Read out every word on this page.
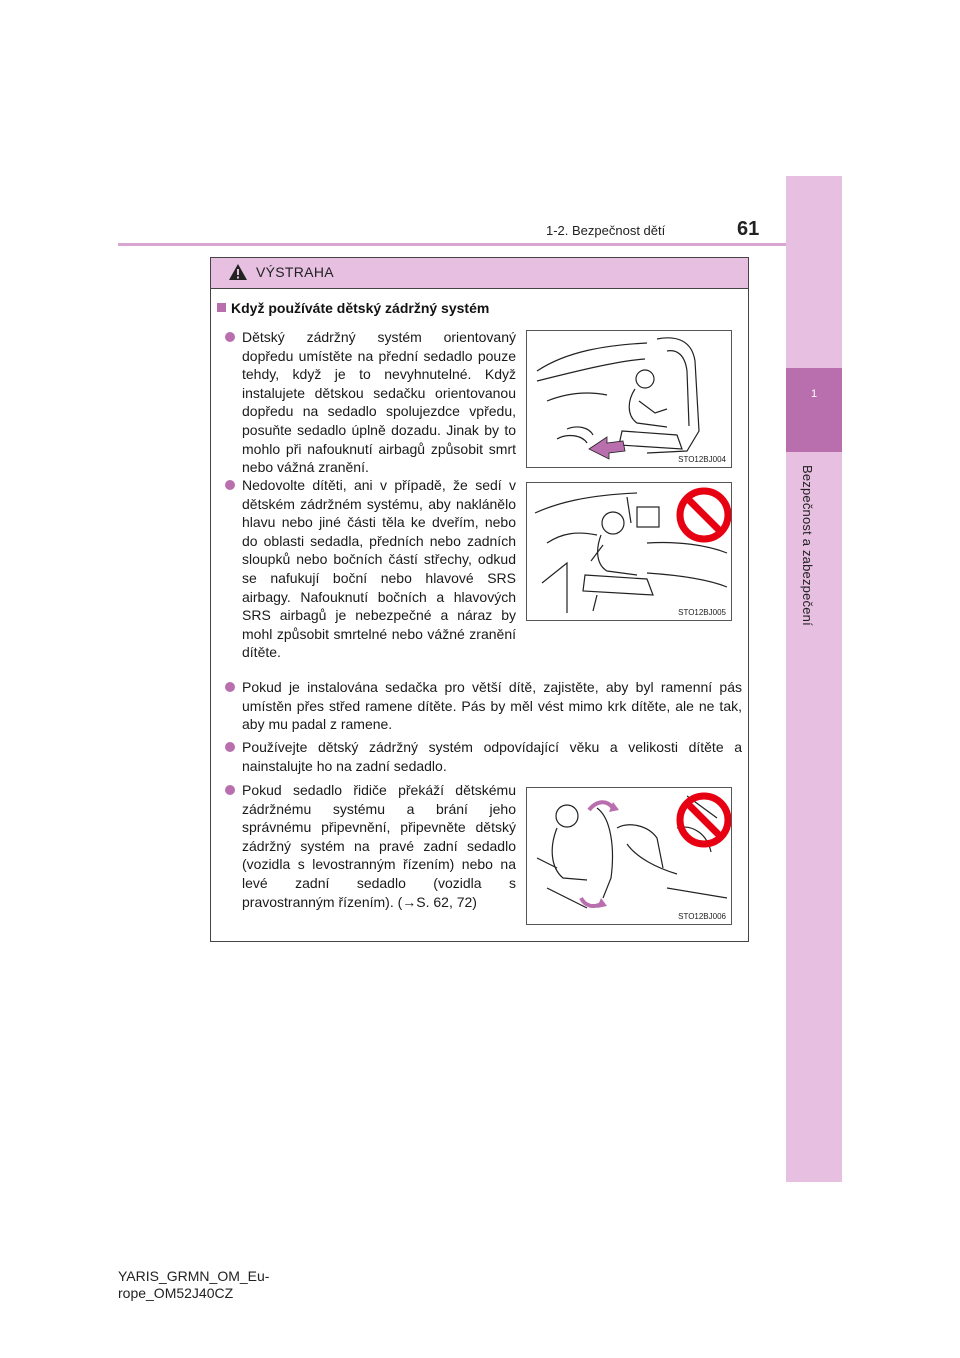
1-2. Bezpečnost dětí	61
1
Bezpečnost a zabezpečení
VÝSTRAHA
Když používáte dětský zádržný systém
Dětský zádržný systém orientovaný dopředu umístěte na přední sedadlo pouze tehdy, když je to nevyhnutelné. Když instalujete dětskou sedačku orientovanou dopředu na sedadlo spolujezdce vpředu, posuňte sedadlo úplně dozadu. Jinak by to mohlo při nafouknutí airbagů způsobit smrt nebo vážná zranění.	STO12BJ004
Nedovolte dítěti, ani v případě, že sedí v dětském zádržném systému, aby naklánělo hlavu nebo jiné části těla ke dveřím, nebo do oblasti sedadla, předních nebo zadních sloupků nebo bočních částí střechy, odkud se nafukují boční nebo hlavové SRS airbagy. Nafouknutí bočních a hlavových SRS airbagů je nebezpečné a náraz by mohl způsobit smrtelné nebo vážné zranění dítěte.
STO12BJ005
Pokud je instalována sedačka pro větší dítě, zajistěte, aby byl ramenní pás umístěn přes střed ramene dítěte. Pás by měl vést mimo krk dítěte, ale ne tak, aby mu padal z ramene.
Používejte dětský zádržný systém odpovídající věku a velikosti dítěte a nainstalujte ho na zadní sedadlo.
Pokud sedadlo řidiče překáží dětskému zádržnému systému a brání jeho správnému připevnění, připevněte dětský zádržný systém na pravé zadní sedadlo (vozidla s levostranným řízením) nebo na levé zadní sedadlo (vozidla s pravostranným řízením). (→S. 62, 72)
STO12BJ006
YARIS_GRMN_OM_Eu-
rope_OM52J40CZ
